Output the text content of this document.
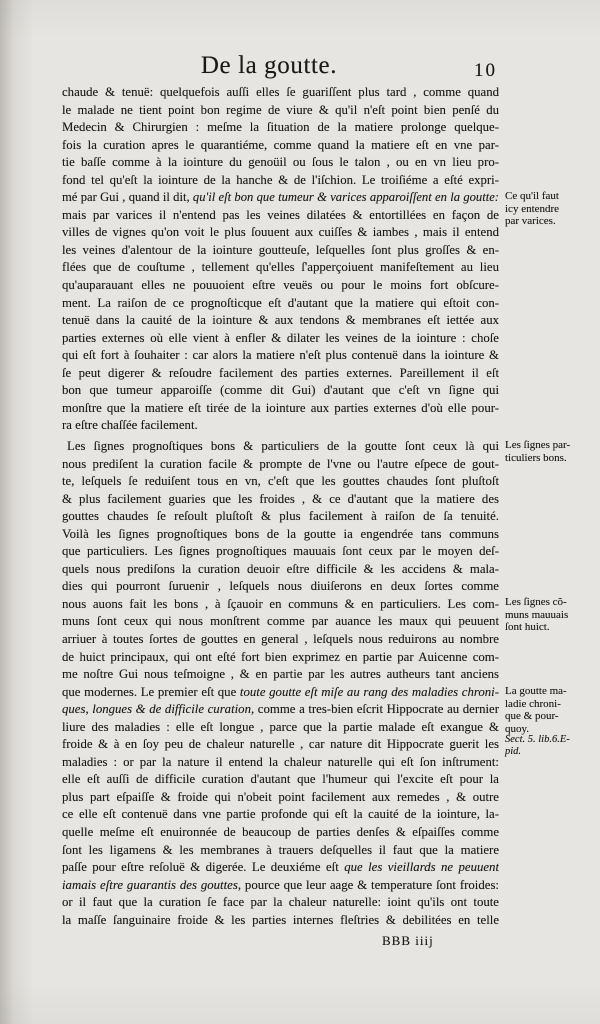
De la goutte.	10
chaude & tenuë: quelquefois auſſi elles ſe guariſſent plus tard , comme quand
le malade ne tient point bon regime de viure & qu'il n'eſt point bien penſé du
Medecin & Chirurgien : meſme la ſituation de la matiere prolonge quelque-
fois la curation apres le quarantiéme, comme quand la matiere eſt en vne par-
tie baſſe comme à la iointure du genoüil ou ſous le talon , ou en vn lieu pro-
fond tel qu'eſt la iointure de la hanche & de l'iſchion. Le troiſiéme a eſté expri-
mé par Gui , quand il dit, qu'il eſt bon que tumeur & varices apparoiſſent en la goutte:
mais par varices il n'entend pas les veines dilatées & entortillées en façon de
villes de vignes qu'on voit le plus ſouuent aux cuiſſes & iambes , mais il entend
les veines d'alentour de la iointure goutteuſe, leſquelles ſont plus groſſes & en-
flées que de couſtume , tellement qu'elles ſ'apperçoiuent manifeſtement au lieu
qu'auparauant elles ne pouuoient eſtre veuës ou pour le moins fort obſcure-
ment. La raiſon de ce prognoſticque eſt d'autant que la matiere qui eſtoit con-
tenuë dans la cauité de la iointure & aux tendons & membranes eſt iettée aux
parties externes où elle vient à enfler & dilater les veines de la iointure : choſe
qui eſt fort à ſouhaiter : car alors la matiere n'eſt plus contenuë dans la iointure &
ſe peut digerer & reſoudre facilement des parties externes. Pareillement il eſt
bon que tumeur apparoiſſe (comme dit Gui) d'autant que c'eſt vn ſigne qui
monſtre que la matiere eſt tirée de la iointure aux parties externes d'où elle pour-
ra eſtre chaſſée facilement.
Les ſignes prognoſtiques bons & particuliers de la goutte ſont ceux là qui
nous prediſent la curation facile & prompte de l'vne ou l'autre eſpece de gout-
te, leſquels ſe reduiſent tous en vn, c'eſt que les gouttes chaudes ſont pluſtoſt
& plus facilement guaries que les froides , & ce d'autant que la matiere des
gouttes chaudes ſe reſoult pluſtoſt & plus facilement à raiſon de ſa tenuité.
Voilà les ſignes prognoſtiques bons de la goutte ia engendrée tans communs
que particuliers. Les ſignes prognoſtiques mauuais ſont ceux par le moyen deſ-
quels nous prediſons la curation deuoir eſtre difficile & les accidens & mala-
dies qui pourront ſuruenir , leſquels nous diuiſerons en deux ſortes comme
nous auons fait les bons , à ſçauoir en communs & en particuliers. Les com-
muns ſont ceux qui nous monſtrent comme par auance les maux qui peuuent
arriuer à toutes ſortes de gouttes en general , leſquels nous reduirons au nombre
de huict principaux, qui ont eſté fort bien exprimez en partie par Auicenne com-
me noſtre Gui nous teſmoigne , & en partie par les autres autheurs tant anciens
que modernes. Le premier eſt que toute goutte eſt miſe au rang des maladies chroni-
ques, longues & de difficile curation, comme a tres-bien eſcrit Hippocrate au dernier
liure des maladies : elle eſt longue , parce que la partie malade eſt exangue &
froide & à en ſoy peu de chaleur naturelle , car nature dit Hippocrate guerit les
maladies : or par la nature il entend la chaleur naturelle qui eſt ſon inſtrument:
elle eſt auſſi de difficile curation d'autant que l'humeur qui l'excite eſt pour la
plus part eſpaiſſe & froide qui n'obeit point facilement aux remedes , & outre
ce elle eſt contenuë dans vne partie profonde qui eſt la cauité de la iointure, la-
quelle meſme eſt enuironnée de beaucoup de parties denſes & eſpaiſſes comme
ſont les ligamens & les membranes à trauers deſquelles il faut que la matiere
paſſe pour eſtre reſoluë & digerée. Le deuxiéme eſt que les vieillards ne peuuent
iamais eſtre guarantis des gouttes, pource que leur aage & temperature ſont froides:
or il faut que la curation ſe face par la chaleur naturelle: ioint qu'ils ont toute
la maſſe ſanguinaire froide & les parties internes fleſtries & debilitées en telle
Ce qu'il faut
icy entendre
par varices.
Les ſignes par-
ticuliers bons.
Les ſignes cõ-
muns mauuais
ſont huict.
La goutte ma-
ladie chroni-
que & pour-
quoy.
Sect. 5. lib.6.E-
pid.
BBB iiij
